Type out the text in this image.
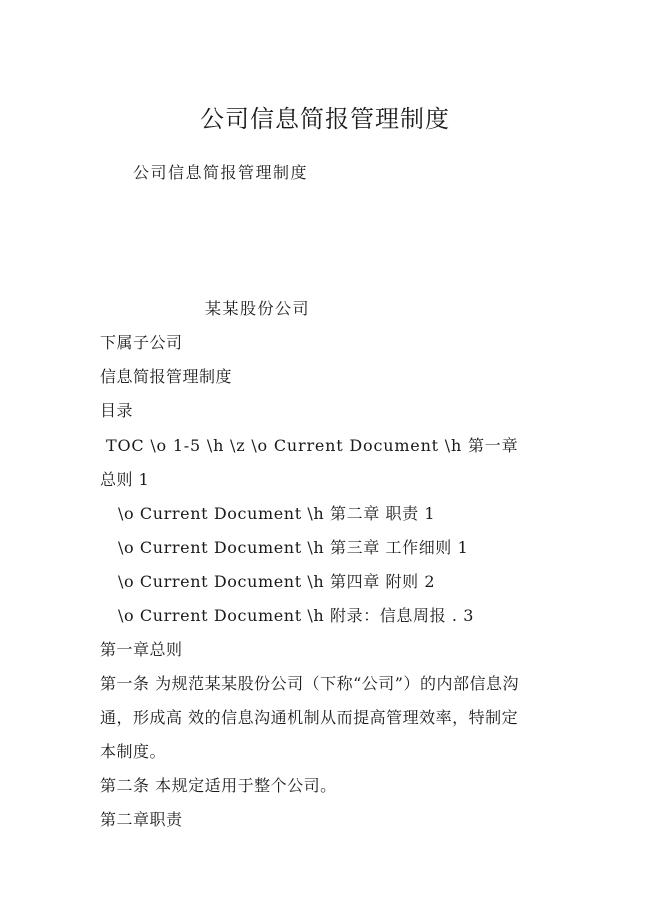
公司信息简报管理制度
公司信息简报管理制度
某某股份公司
下属子公司
信息简报管理制度
目录
TOC \o 1-5 \h \z \o Current Document \h 第一章
总则 1
\o Current Document \h 第二章 职责 1
\o Current Document \h 第三章 工作细则 1
\o Current Document \h 第四章 附则 2
\o Current Document \h 附录：信息周报 . 3
第一章总则
第一条 为规范某某股份公司（下称“公司”）的内部信息沟
通，形成高 效的信息沟通机制从而提高管理效率，特制定
本制度。
第二条 本规定适用于整个公司。
第二章职责
